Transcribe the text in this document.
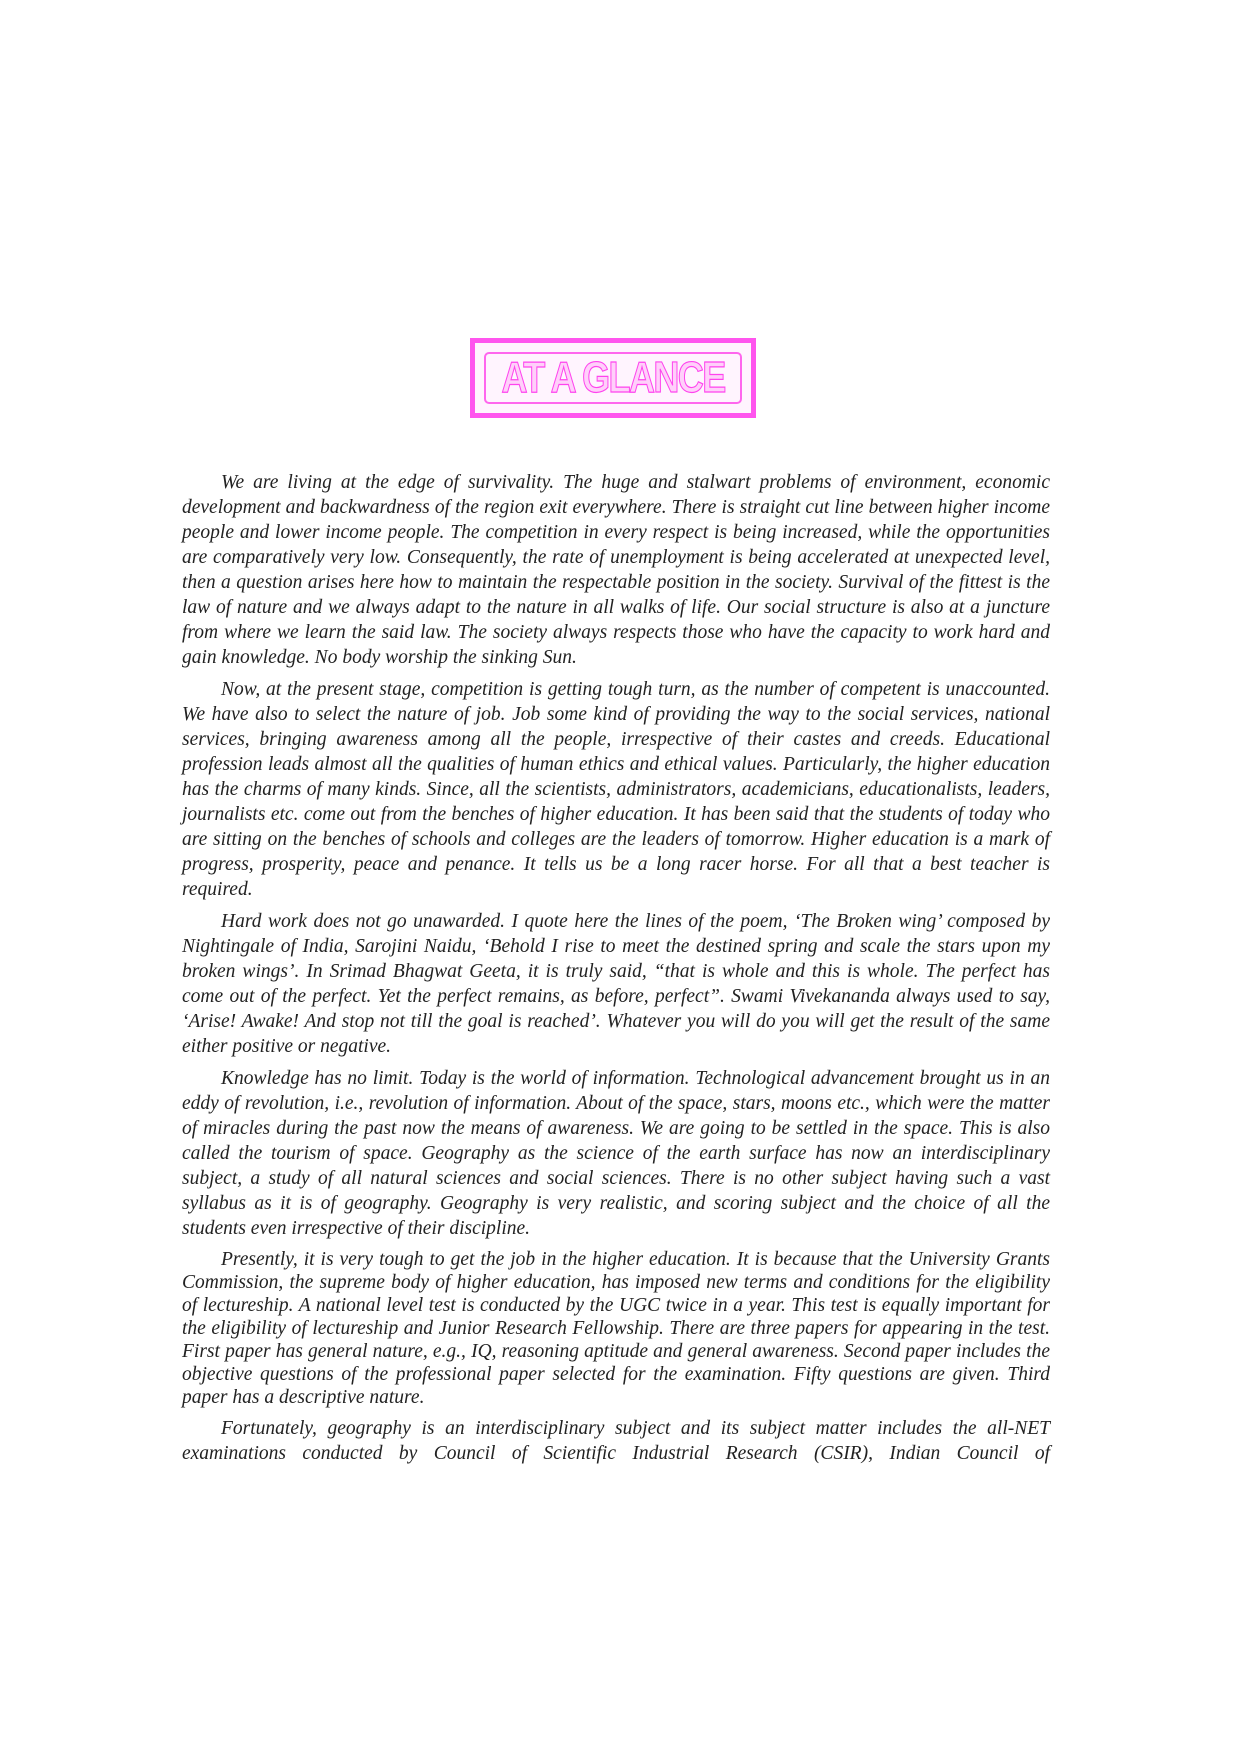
AT A GLANCE

We are living at the edge of survivality. The huge and stalwart problems of environment, economic development and backwardness of the region exit everywhere. There is straight cut line between higher income people and lower income people. The competition in every respect is being increased, while the opportunities are comparatively very low. Consequently, the rate of unemployment is being accelerated at unexpected level, then a question arises here how to maintain the respectable position in the society. Survival of the fittest is the law of nature and we always adapt to the nature in all walks of life. Our social structure is also at a juncture from where we learn the said law. The society always respects those who have the capacity to work hard and gain knowledge. No body worship the sinking Sun.

Now, at the present stage, competition is getting tough turn, as the number of competent is unaccounted. We have also to select the nature of job. Job some kind of providing the way to the social services, national services, bringing awareness among all the people, irrespective of their castes and creeds. Educational profession leads almost all the qualities of human ethics and ethical values. Particularly, the higher education has the charms of many kinds. Since, all the scientists, administrators, academicians, educationalists, leaders, journalists etc. come out from the benches of higher education. It has been said that the students of today who are sitting on the benches of schools and colleges are the leaders of tomorrow. Higher education is a mark of progress, prosperity, peace and penance. It tells us be a long racer horse. For all that a best teacher is required.

Hard work does not go unawarded. I quote here the lines of the poem, ‘The Broken wing’ composed by Nightingale of India, Sarojini Naidu, ‘Behold I rise to meet the destined spring and scale the stars upon my broken wings’. In Srimad Bhagwat Geeta, it is truly said, “that is whole and this is whole. The perfect has come out of the perfect. Yet the perfect remains, as before, perfect”. Swami Vivekananda always used to say, ‘Arise! Awake! And stop not till the goal is reached’. Whatever you will do you will get the result of the same either positive or negative.

Knowledge has no limit. Today is the world of information. Technological advancement brought us in an eddy of revolution, i.e., revolution of information. About of the space, stars, moons etc., which were the matter of miracles during the past now the means of awareness. We are going to be settled in the space. This is also called the tourism of space. Geography as the science of the earth surface has now an interdisciplinary subject, a study of all natural sciences and social sciences. There is no other subject having such a vast syllabus as it is of geography. Geography is very realistic, and scoring subject and the choice of all the students even irrespective of their discipline.

Presently, it is very tough to get the job in the higher education. It is because that the University Grants Commission, the supreme body of higher education, has imposed new terms and conditions for the eligibility of lectureship. A national level test is conducted by the UGC twice in a year. This test is equally important for the eligibility of lectureship and Junior Research Fellowship. There are three papers for appearing in the test. First paper has general nature, e.g., IQ, reasoning aptitude and general awareness. Second paper includes the objective questions of the professional paper selected for the examination. Fifty questions are given. Third paper has a descriptive nature.

Fortunately, geography is an interdisciplinary subject and its subject matter includes the all-NET examinations conducted by Council of Scientific Industrial Research (CSIR), Indian Council of
